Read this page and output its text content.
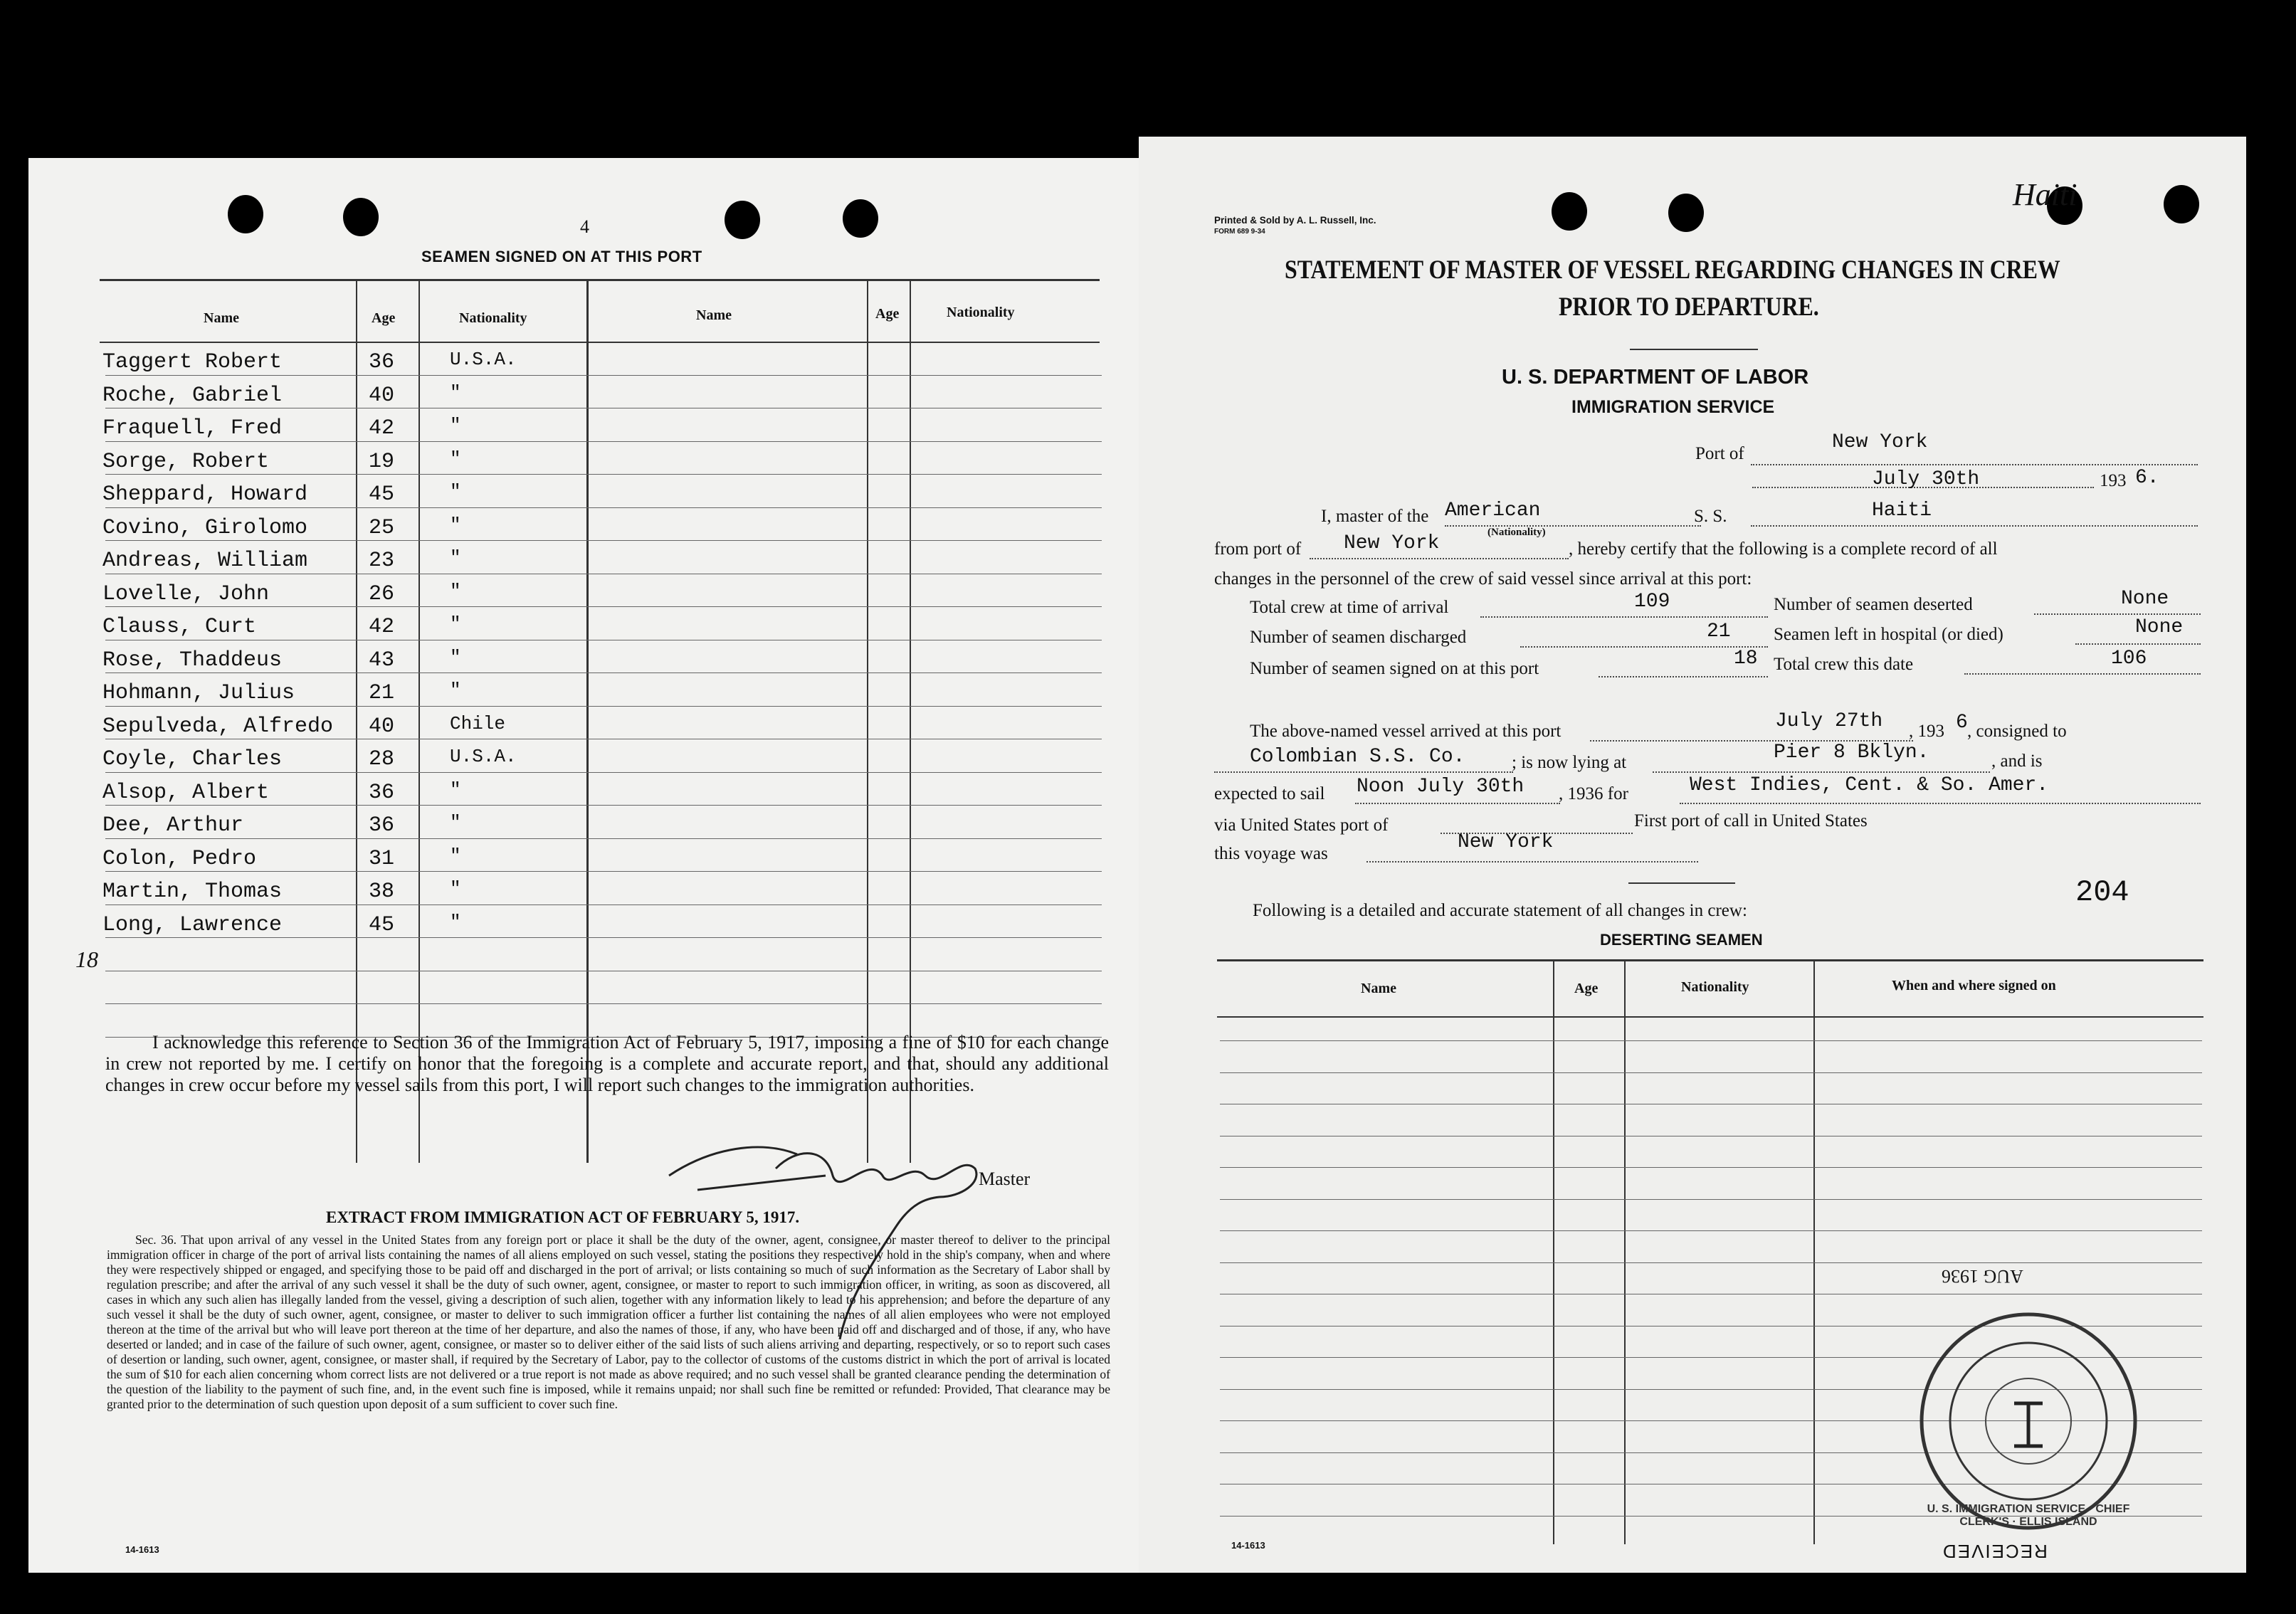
4
SEAMEN SIGNED ON AT THIS PORT
Name	Age	Nationality	Name	Age	Nationality
Taggert Robert	36	U.S.A.
Roche, Gabriel	40	"
Fraquell, Fred	42	"
Sorge, Robert	19	"
Sheppard, Howard	45	"
Covino, Girolomo	25	"
Andreas, William	23	"
Lovelle, John	26	"
Clauss, Curt	42	"
Rose, Thaddeus	43	"
Hohmann, Julius	21	"
Sepulveda, Alfredo 40	Chile
Coyle, Charles	28	U.S.A.
Alsop, Albert	36	"
Dee, Arthur	36	"
Colon, Pedro	31	"
Martin, Thomas	38	"
Long, Lawrence	45	"
18
I acknowledge this reference to Section 36 of the Immigration Act of February 5, 1917, imposing a fine of $10 for each change in crew not reported by me. I certify on honor that the foregoing is a complete and accurate report, and that, should any additional changes in crew occur before my vessel sails from this port, I will report such changes to the immigration authorities.
Master
EXTRACT FROM IMMIGRATION ACT OF FEBRUARY 5, 1917.
Sec. 36. That upon arrival of any vessel in the United States from any foreign port or place it shall be the duty of the owner, agent, consignee, or master thereof to deliver to the principal immigration officer in charge of the port of arrival lists containing the names of all aliens employed on such vessel, stating the positions they respectively hold in the ship's company, when and where they were respectively shipped or engaged, and specifying those to be paid off and discharged in the port of arrival; or lists containing so much of such information as the Secretary of Labor shall by regulation prescribe; and after the arrival of any such vessel it shall be the duty of such owner, agent, consignee, or master to report to such immigration officer, in writing, as soon as discovered, all cases in which any such alien has illegally landed from the vessel, giving a description of such alien, together with any information likely to lead to his apprehension; and before the departure of any such vessel it shall be the duty of such owner, agent, consignee, or master to deliver to such immigration officer a further list containing the names of all alien employees who were not employed thereon at the time of the arrival but who will leave port thereon at the time of her departure, and also the names of those, if any, who have been paid off and discharged and of those, if any, who have deserted or landed; and in case of the failure of such owner, agent, consignee, or master so to deliver either of the said lists of such aliens arriving and departing, respectively, or so to report such cases of desertion or landing, such owner, agent, consignee, or master shall, if required by the Secretary of Labor, pay to the collector of customs of the customs district in which the port of arrival is located the sum of $10 for each alien concerning whom correct lists are not delivered or a true report is not made as above required; and no such vessel shall be granted clearance pending the determination of the question of the liability to the payment of such fine, and, in the event such fine is imposed, while it remains unpaid; nor shall such fine be remitted or refunded: Provided, That clearance may be granted prior to the determination of such question upon deposit of a sum sufficient to cover such fine.
14-1613
Haiti
Printed & Sold by A. L. Russell, Inc.
FORM 689 9-34
STATEMENT OF MASTER OF VESSEL REGARDING CHANGES IN CREW
PRIOR TO DEPARTURE.
U. S. DEPARTMENT OF LABOR
IMMIGRATION SERVICE
Port of
New York
July 30th	193 6.
I, master of the American	S. S.	Haiti
from port of New York	(Nationality)
, hereby certify that the following is a complete record of all
changes in the personnel of the crew of said vessel since arrival at this port:
Total crew at time of arrival	109	Number of seamen deserted	None
Number of seamen discharged	21 Seamen left in hospital (or died)	None
Number of seamen signed on at this port	18 Total crew this date	106
The above-named vessel arrived at this port	July 27th , 193 6 , consigned to
Colombian S.S. Co.	; is now lying at	Pier 8 Bklyn.	, and is
expected to sail Noon July 30th , 1936 for	West Indies, Cent. & So. Amer.
via United States port of	First port of call in United States
this voyage was
New York
Following is a detailed and accurate statement of all changes in crew:
204
DESERTING SEAMEN
Name	Age	Nationality	When and where signed on
U. S. IMMIGRATION SERVICE · CHIEF CLERK'S · ELLIS ISLAND
AUG 1936
RECEIVED
14-1613
